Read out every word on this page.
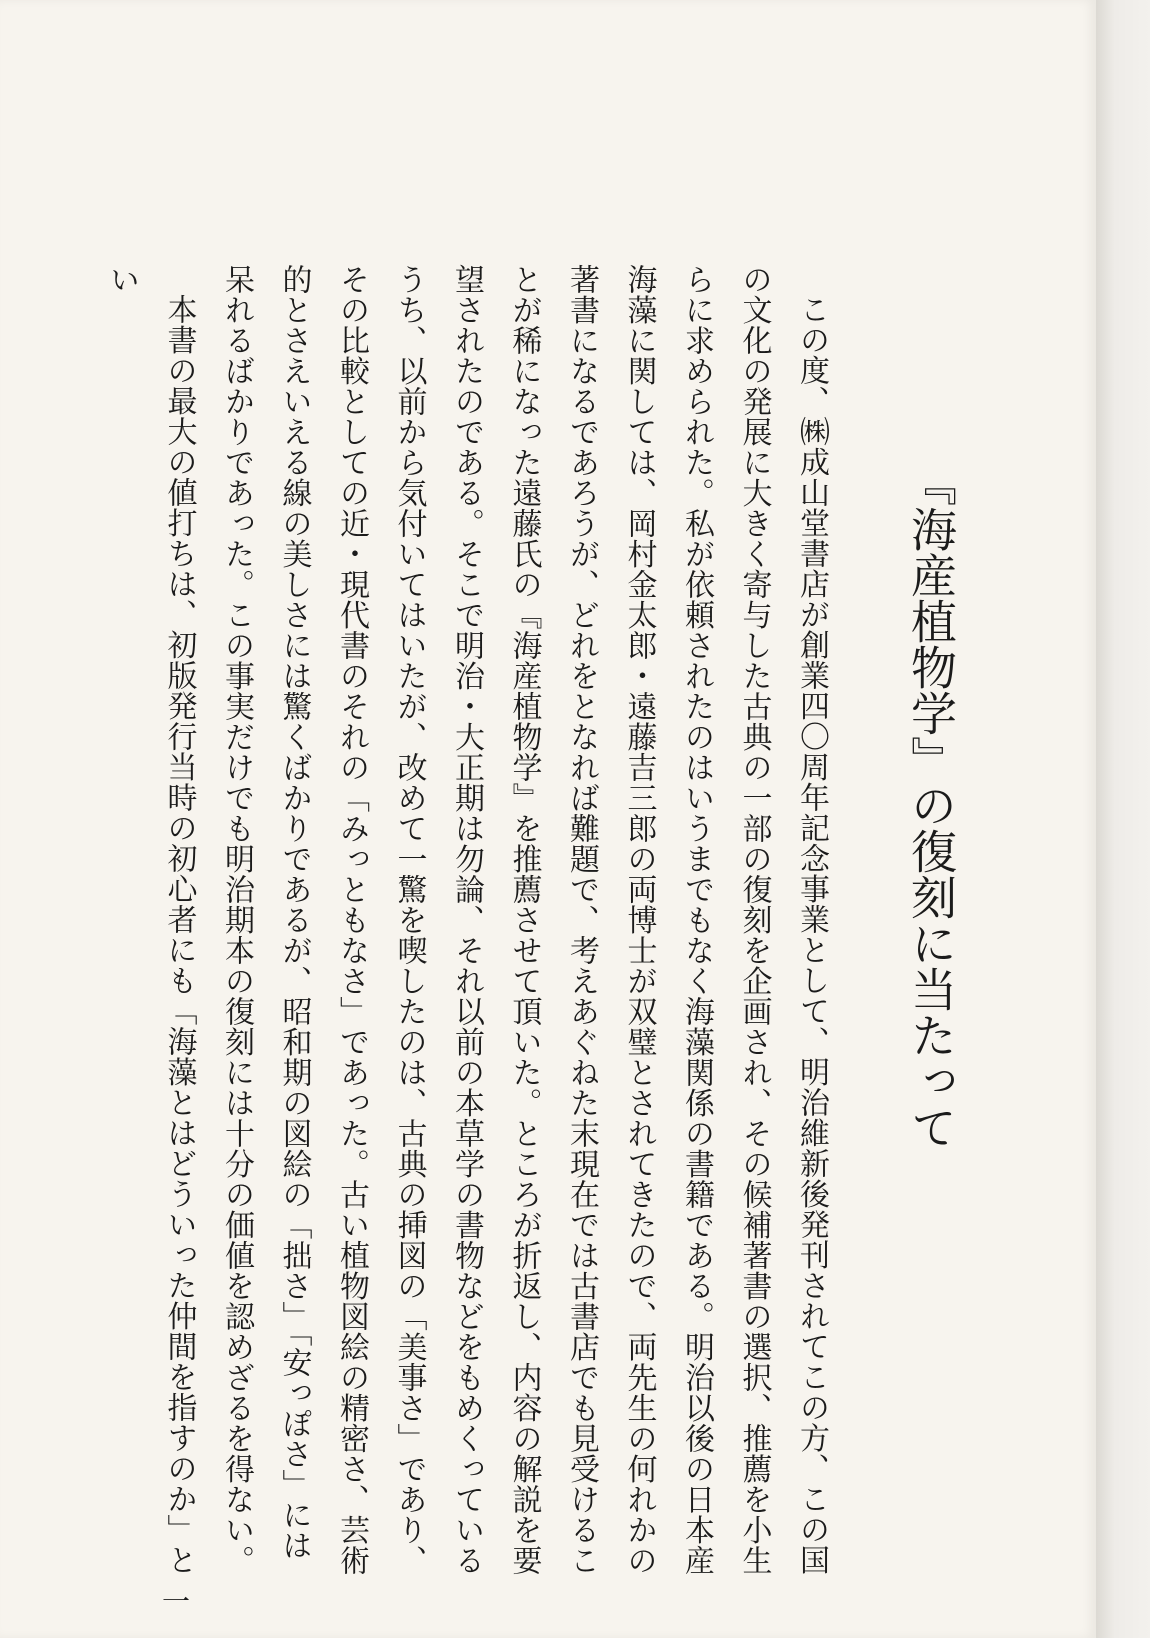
『海産植物学』の復刻に当たって

この度、㈱成山堂書店が創業四〇周年記念事業として、明治維新後発刊されてこの方、この国の文化の発展に大きく寄与した古典の一部の復刻を企画され、その候補著書の選択、推薦を小生らに求められた。私が依頼されたのはいうまでもなく海藻関係の書籍である。明治以後の日本産海藻に関しては、岡村金太郎・遠藤吉三郎の両博士が双璧とされてきたので、両先生の何れかの著書になるであろうが、どれをとなれば難題で、考えあぐねた末現在では古書店でも見受けることが稀になった遠藤氏の『海産植物学』を推薦させて頂いた。ところが折返し、内容の解説を要望されたのである。そこで明治・大正期は勿論、それ以前の本草学の書物などをもめくっているうち、以前から気付いてはいたが、改めて一驚を喫したのは、古典の挿図の「美事さ」であり、その比較としての近・現代書のそれの「みっともなさ」であった。古い植物図絵の精密さ、芸術的とさえいえる線の美しさには驚くばかりであるが、昭和期の図絵の「拙さ」「安っぽさ」には呆れるばかりであった。この事実だけでも明治期本の復刻には十分の価値を認めざるを得ない。

本書の最大の値打ちは、初版発行当時の初心者にも「海藻とはどういった仲間を指すのか」とい

一
